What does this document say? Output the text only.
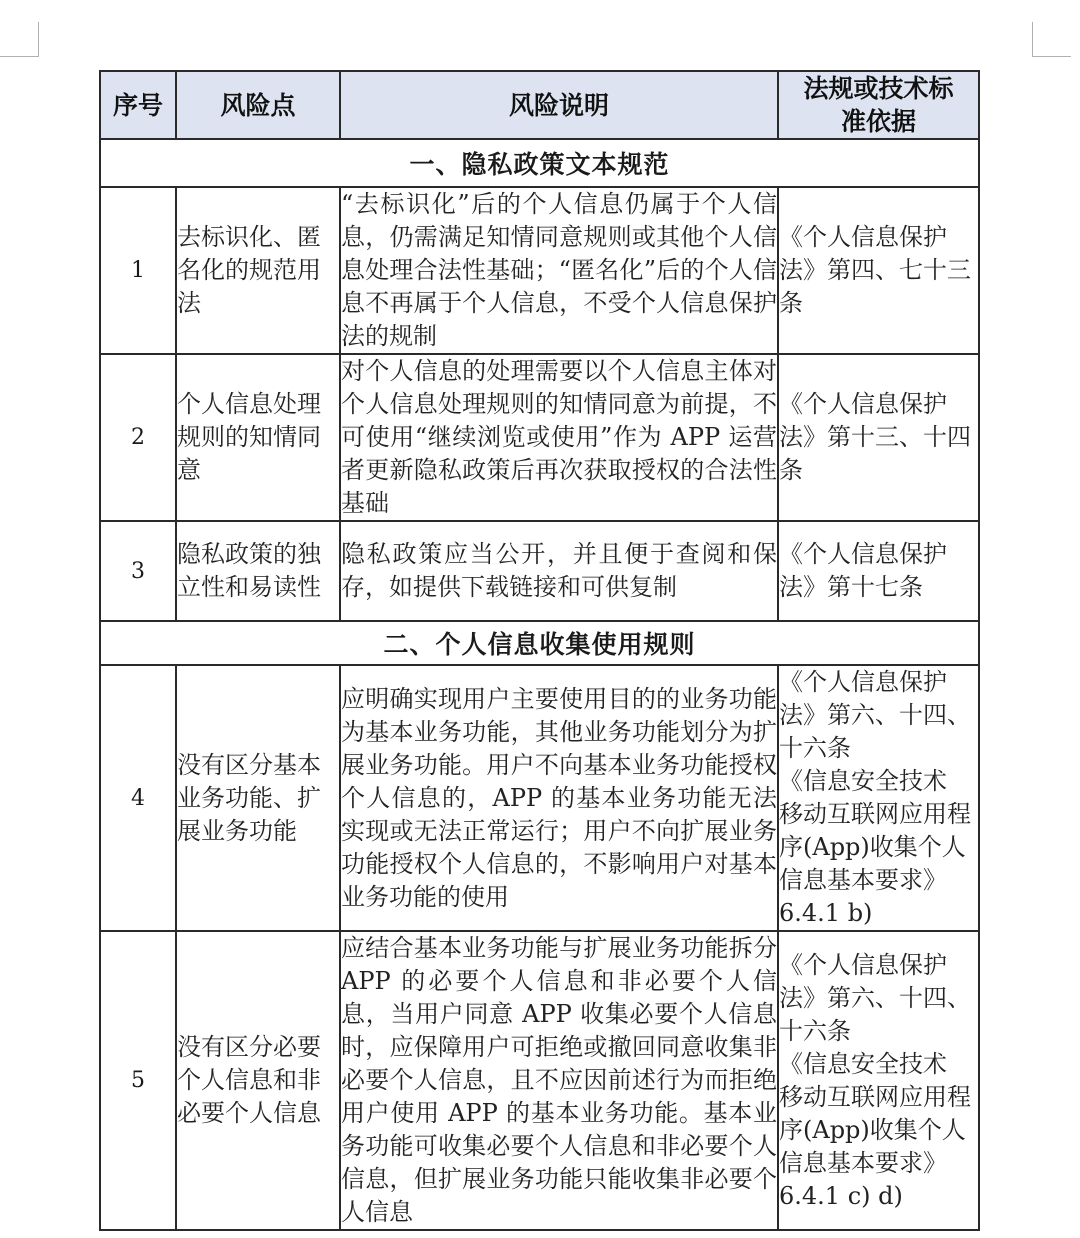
序号	风险点	风险说明	法规或技术标
准依据

一、隐私政策文本规范			
1	去标识化、匿名化的规范用法	“去标识化”后的个人信息仍属于个人信息，仍需满足知情同意规则或其他个人信息处理合法性基础；“匿名化”后的个人信息不再属于个人信息，不受个人信息保护法的规制	《个人信息保护法》第四、七十三条

2	个人信息处理规则的知情同意	对个人信息的处理需要以个人信息主体对个人信息处理规则的知情同意为前提，不可使用“继续浏览或使用”作为 APP 运营者更新隐私政策后再次获取授权的合法性基础	《个人信息保护法》第十三、十四条

3	隐私政策的独立性和易读性	隐私政策应当公开，并且便于查阅和保存，如提供下载链接和可供复制	《个人信息保护法》第十七条

二、个人信息收集使用规则			
4	没有区分基本业务功能、扩展业务功能	应明确实现用户主要使用目的的业务功能为基本业务功能，其他业务功能划分为扩展业务功能。用户不向基本业务功能授权个人信息的，APP 的基本业务功能无法实现或无法正常运行；用户不向扩展业务功能授权个人信息的，不影响用户对基本业务功能的使用	《个人信息保护法》第六、十四、十六条
《信息安全技术 移动互联网应用程序(App)收集个人信息基本要求》6.4.1 b)

5	没有区分必要个人信息和非必要个人信息	应结合基本业务功能与扩展业务功能拆分 APP 的必要个人信息和非必要个人信息，当用户同意 APP 收集必要个人信息时，应保障用户可拒绝或撤回同意收集非必要个人信息，且不应因前述行为而拒绝用户使用 APP 的基本业务功能。基本业务功能可收集必要个人信息和非必要个人信息，但扩展业务功能只能收集非必要个人信息	《个人信息保护法》第六、十四、十六条
《信息安全技术 移动互联网应用程序(App)收集个人信息基本要求》6.4.1 c) d)
